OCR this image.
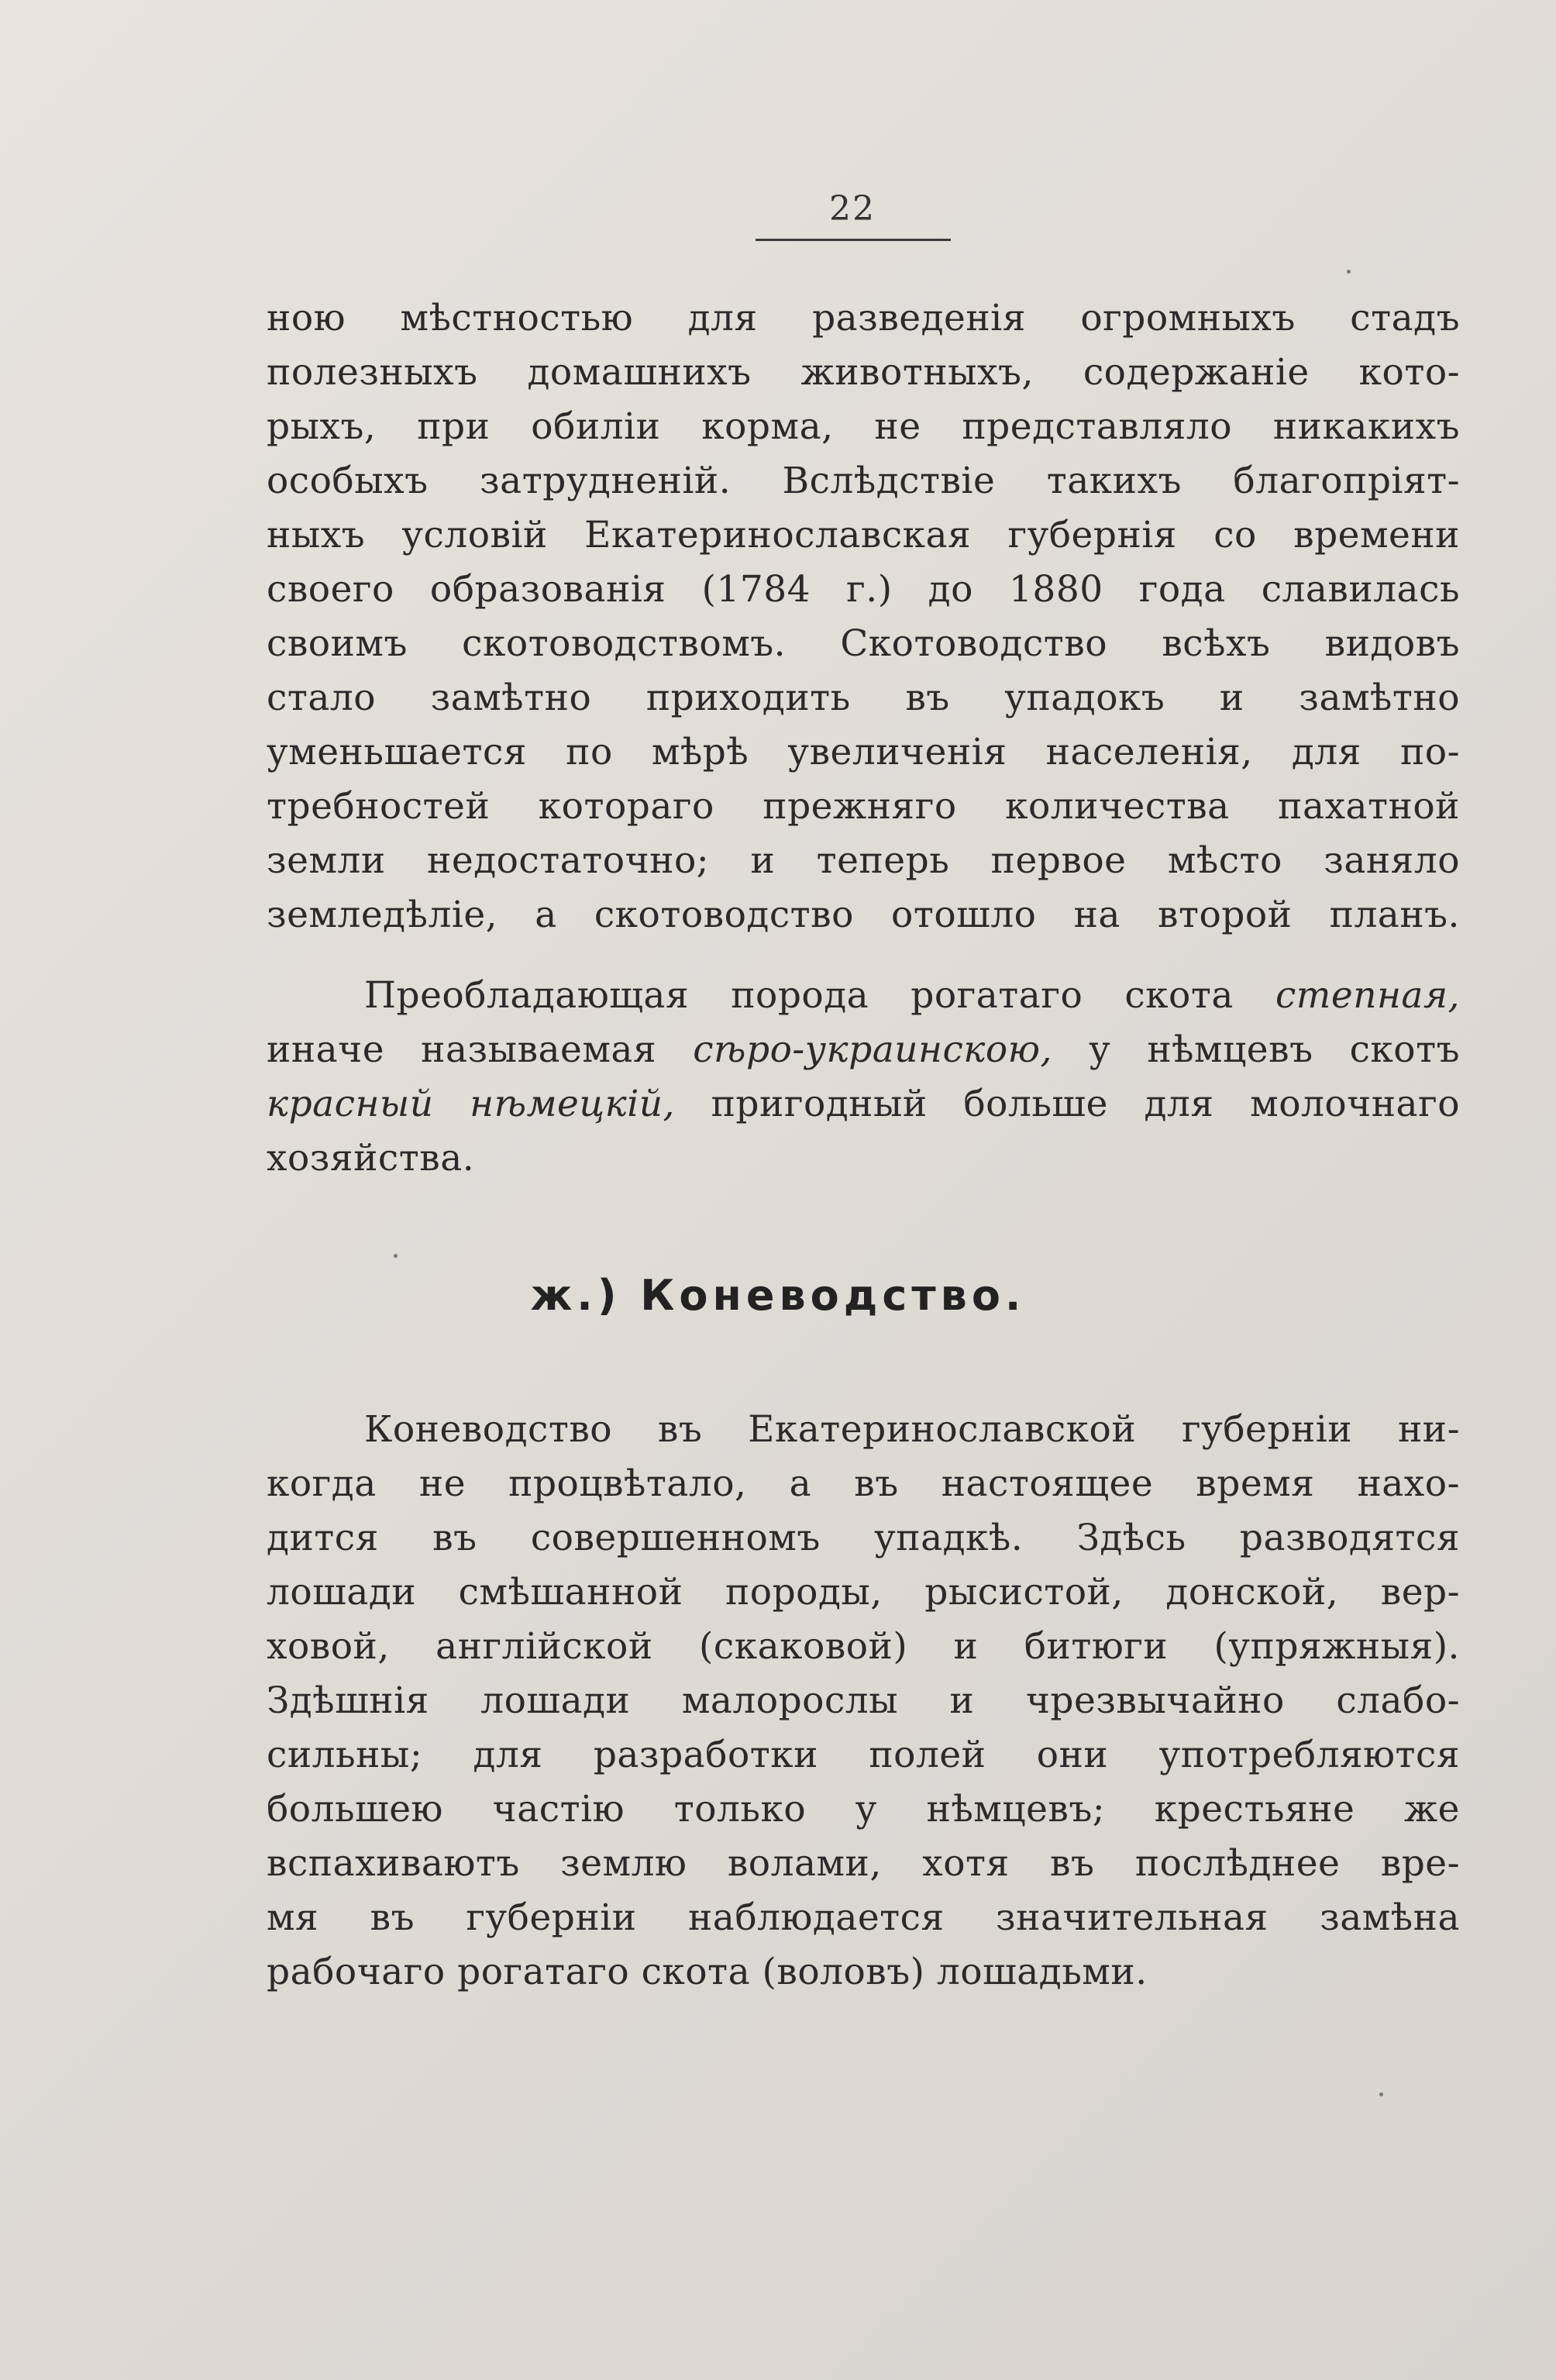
22
ною мѣстностью для разведенія огромныхъ стадъ
полезныхъ домашнихъ животныхъ, содержаніе кото-
рыхъ, при обиліи корма, не представляло никакихъ
особыхъ затрудненій. Вслѣдствіе такихъ благопріят-
ныхъ условій Екатеринославская губернія со времени
своего образованія (1784 г.) до 1880 года славилась
своимъ скотоводствомъ. Скотоводство всѣхъ видовъ
стало замѣтно приходить въ упадокъ и замѣтно
уменьшается по мѣрѣ увеличенія населенія, для по-
требностей котораго прежняго количества пахатной
земли недостаточно; и теперь первое мѣсто заняло
земледѣліе, а скотоводство отошло на второй планъ.
Преобладающая порода рогатаго скота степная,
иначе называемая сѣро-украинскою, у нѣмцевъ скотъ
красный нѣмецкій, пригодный больше для молочнаго
хозяйства.
ж.) Коневодство.
Коневодство въ Екатеринославской губерніи ни-
когда не процвѣтало, а въ настоящее время нахо-
дится въ совершенномъ упадкѣ. Здѣсь разводятся
лошади смѣшанной породы, рысистой, донской, вер-
ховой, англійской (скаковой) и битюги (упряжныя).
Здѣшнія лошади малорослы и чрезвычайно слабо-
сильны; для разработки полей они употребляются
большею частію только у нѣмцевъ; крестьяне же
вспахиваютъ землю волами, хотя въ послѣднее вре-
мя въ губерніи наблюдается значительная замѣна
рабочаго рогатаго скота (воловъ) лошадьми.
